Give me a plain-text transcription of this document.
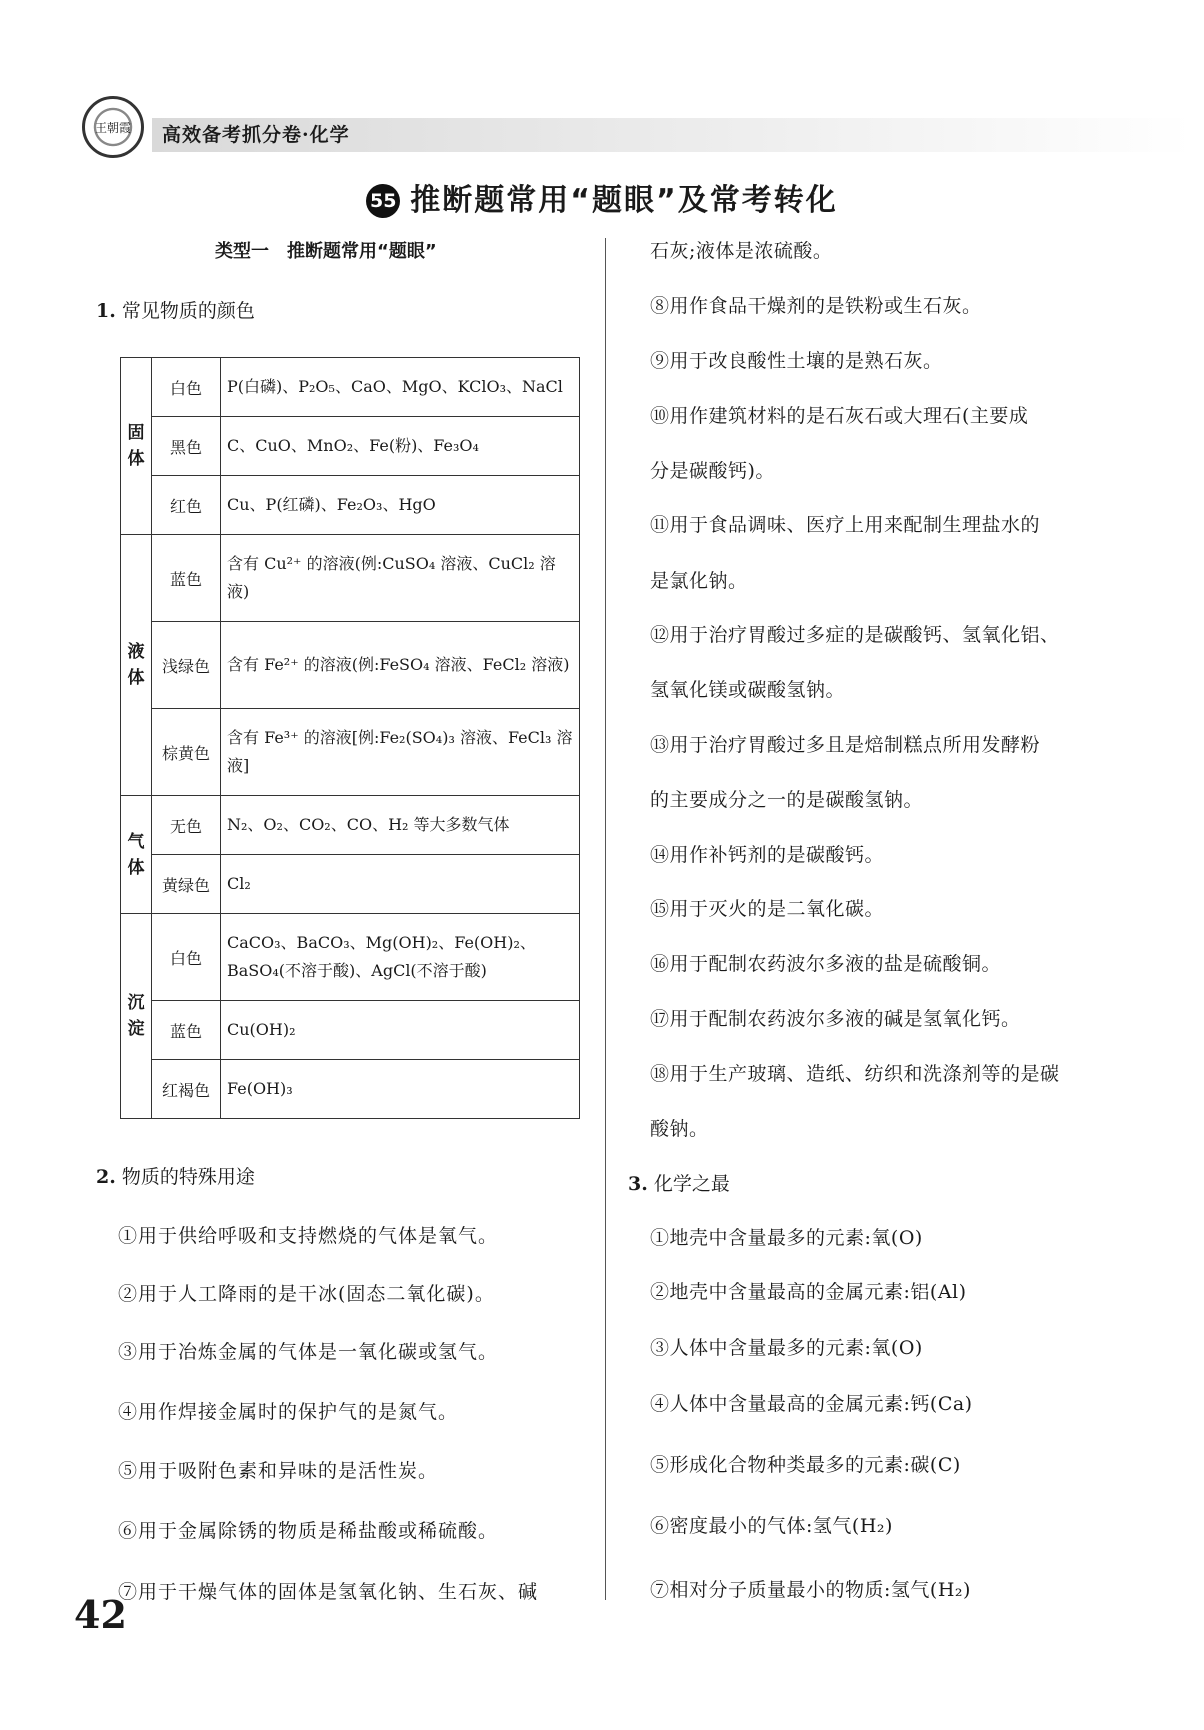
王朝霞	高效备考抓分卷·化学
55 推断题常用“题眼”及常考转化
类型一　推断题常用“题眼”
1. 常见物质的颜色
固体	白色	P(白磷)、P₂O₅、CaO、MgO、KClO₃、NaCl
	黑色	C、CuO、MnO₂、Fe(粉)、Fe₃O₄
	红色	Cu、P(红磷)、Fe₂O₃、HgO
液体	蓝色	含有 Cu²⁺ 的溶液(例:CuSO₄ 溶液、CuCl₂ 溶液)
	浅绿色	含有 Fe²⁺ 的溶液(例:FeSO₄ 溶液、FeCl₂ 溶液)
	棕黄色	含有 Fe³⁺ 的溶液[例:Fe₂(SO₄)₃ 溶液、FeCl₃ 溶液]
气体	无色	N₂、O₂、CO₂、CO、H₂ 等大多数气体
	黄绿色	Cl₂
沉淀	白色	CaCO₃、BaCO₃、Mg(OH)₂、Fe(OH)₂、BaSO₄(不溶于酸)、AgCl(不溶于酸)
	蓝色	Cu(OH)₂
	红褐色	Fe(OH)₃
2. 物质的特殊用途
①用于供给呼吸和支持燃烧的气体是氧气。
②用于人工降雨的是干冰(固态二氧化碳)。
③用于冶炼金属的气体是一氧化碳或氢气。
④用作焊接金属时的保护气的是氮气。
⑤用于吸附色素和异味的是活性炭。
⑥用于金属除锈的物质是稀盐酸或稀硫酸。
⑦用于干燥气体的固体是氢氧化钠、生石灰、碱
石灰;液体是浓硫酸。
⑧用作食品干燥剂的是铁粉或生石灰。
⑨用于改良酸性土壤的是熟石灰。
⑩用作建筑材料的是石灰石或大理石(主要成
分是碳酸钙)。
⑪用于食品调味、医疗上用来配制生理盐水的
是氯化钠。
⑫用于治疗胃酸过多症的是碳酸钙、氢氧化铝、
氢氧化镁或碳酸氢钠。
⑬用于治疗胃酸过多且是焙制糕点所用发酵粉
的主要成分之一的是碳酸氢钠。
⑭用作补钙剂的是碳酸钙。
⑮用于灭火的是二氧化碳。
⑯用于配制农药波尔多液的盐是硫酸铜。
⑰用于配制农药波尔多液的碱是氢氧化钙。
⑱用于生产玻璃、造纸、纺织和洗涤剂等的是碳
酸钠。
3. 化学之最
①地壳中含量最多的元素:氧(O)
②地壳中含量最高的金属元素:铝(Al)
③人体中含量最多的元素:氧(O)
④人体中含量最高的金属元素:钙(Ca)
⑤形成化合物种类最多的元素:碳(C)
⑥密度最小的气体:氢气(H₂)
⑦相对分子质量最小的物质:氢气(H₂)
42
